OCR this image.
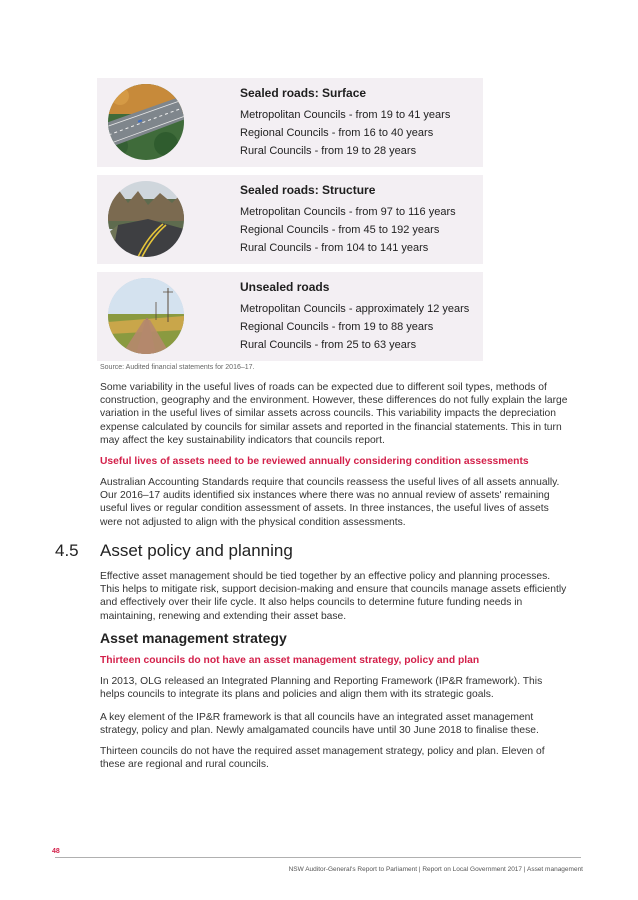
Sealed roads: Surface
Metropolitan Councils - from 19 to 41 years
Regional Councils - from 16 to 40 years
Rural Councils - from 19 to 28 years
Sealed roads: Structure
Metropolitan Councils - from 97 to 116 years
Regional Councils - from 45 to 192 years
Rural Councils - from 104 to 141 years
Unsealed roads
Metropolitan Councils - approximately 12 years
Regional Councils - from 19 to 88 years
Rural Councils - from 25 to 63 years
Source: Audited financial statements for 2016–17.
Some variability in the useful lives of roads can be expected due to different soil types, methods of construction, geography and the environment. However, these differences do not fully explain the large variation in the useful lives of similar assets across councils. This variability impacts the depreciation expense calculated by councils for similar assets and reported in the financial statements. This in turn may affect the key sustainability indicators that councils report.
Useful lives of assets need to be reviewed annually considering condition assessments
Australian Accounting Standards require that councils reassess the useful lives of all assets annually. Our 2016–17 audits identified six instances where there was no annual review of assets' remaining useful lives or regular condition assessment of assets. In three instances, the useful lives of assets were not adjusted to align with the physical condition assessments.
4.5 Asset policy and planning
Effective asset management should be tied together by an effective policy and planning processes. This helps to mitigate risk, support decision-making and ensure that councils manage assets efficiently and effectively over their life cycle. It also helps councils to determine future funding needs in maintaining, renewing and extending their asset base.
Asset management strategy
Thirteen councils do not have an asset management strategy, policy and plan
In 2013, OLG released an Integrated Planning and Reporting Framework (IP&R framework). This helps councils to integrate its plans and policies and align them with its strategic goals.
A key element of the IP&R framework is that all councils have an integrated asset management strategy, policy and plan. Newly amalgamated councils have until 30 June 2018 to finalise these.
Thirteen councils do not have the required asset management strategy, policy and plan. Eleven of these are regional and rural councils.
48
NSW Auditor-General's Report to Parliament | Report on Local Government 2017 | Asset management
